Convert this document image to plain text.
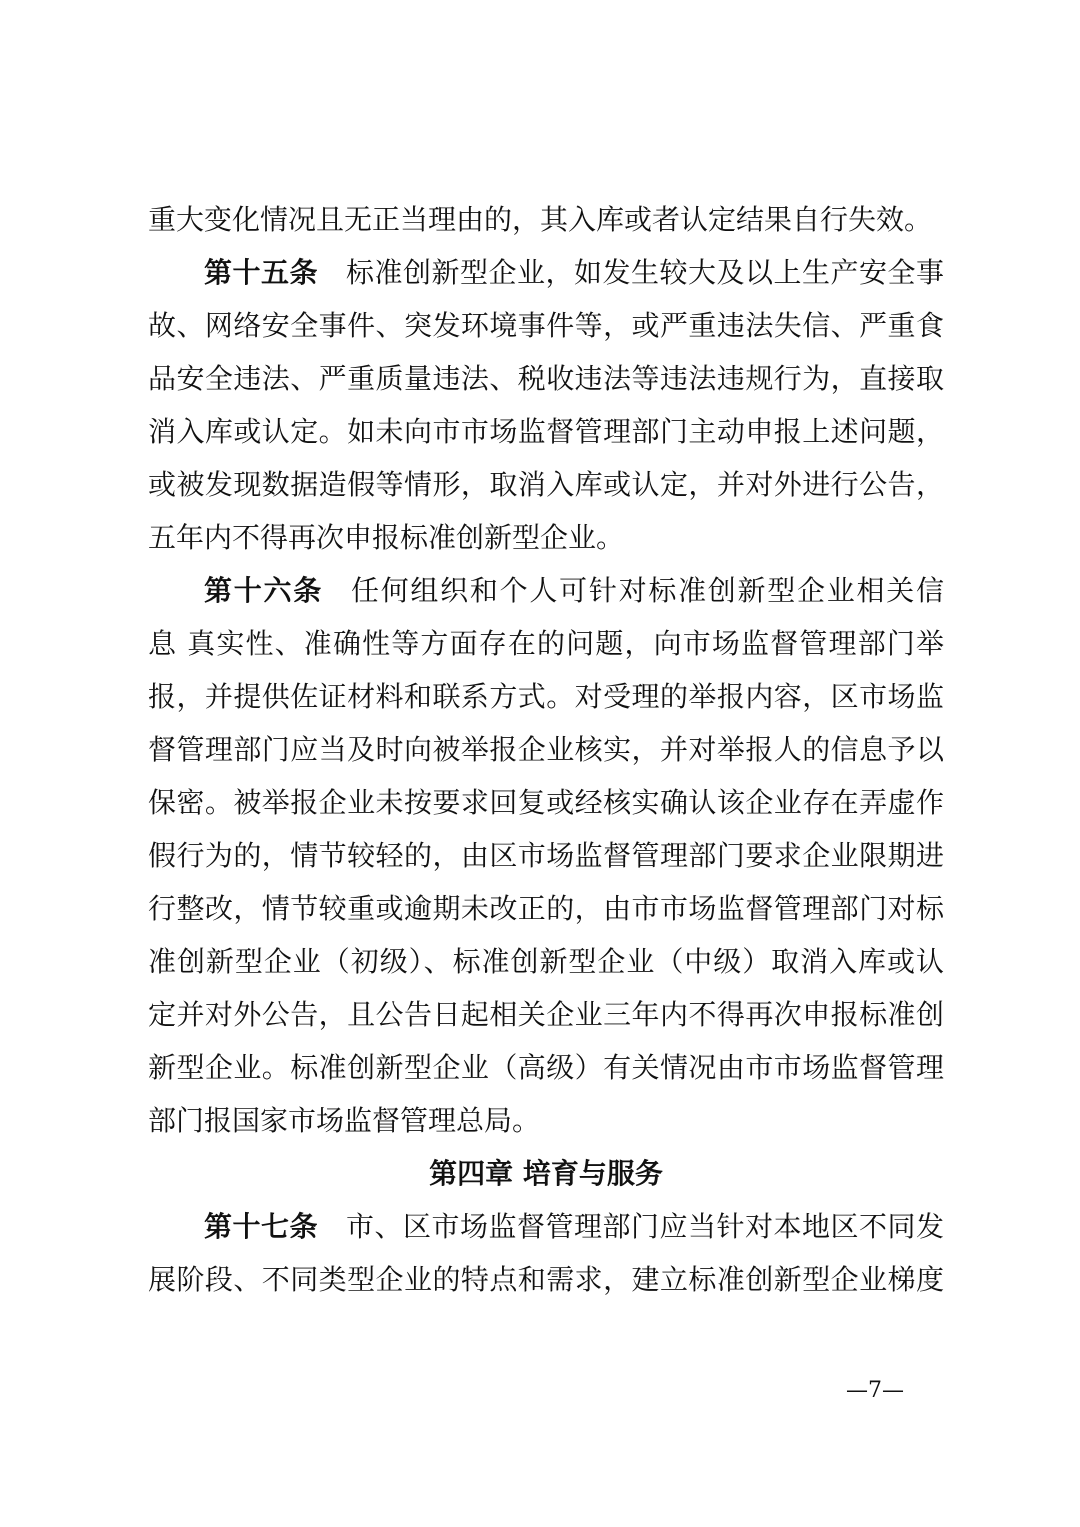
重大变化情况且无正当理由的，其入库或者认定结果自行失效。
第十五条 标准创新型企业，如发生较大及以上生产安全事
故、网络安全事件、突发环境事件等，或严重违法失信、严重食
品安全违法、严重质量违法、税收违法等违法违规行为，直接取
消入库或认定。如未向市市场监督管理部门主动申报上述问题，
或被发现数据造假等情形，取消入库或认定，并对外进行公告，
五年内不得再次申报标准创新型企业。
第十六条 任何组织和个人可针对标准创新型企业相关信
息 真实性、准确性等方面存在的问题，向市场监督管理部门举
报，并提供佐证材料和联系方式。对受理的举报内容，区市场监
督管理部门应当及时向被举报企业核实，并对举报人的信息予以
保密。被举报企业未按要求回复或经核实确认该企业存在弄虚作
假行为的，情节较轻的，由区市场监督管理部门要求企业限期进
行整改，情节较重或逾期未改正的，由市市场监督管理部门对标
准创新型企业（初级）、标准创新型企业（中级）取消入库或认
定并对外公告，且公告日起相关企业三年内不得再次申报标准创
新型企业。标准创新型企业（高级）有关情况由市市场监督管理
部门报国家市场监督管理总局。
第四章 培育与服务
第十七条 市、区市场监督管理部门应当针对本地区不同发
展阶段、不同类型企业的特点和需求，建立标准创新型企业梯度
—7—
